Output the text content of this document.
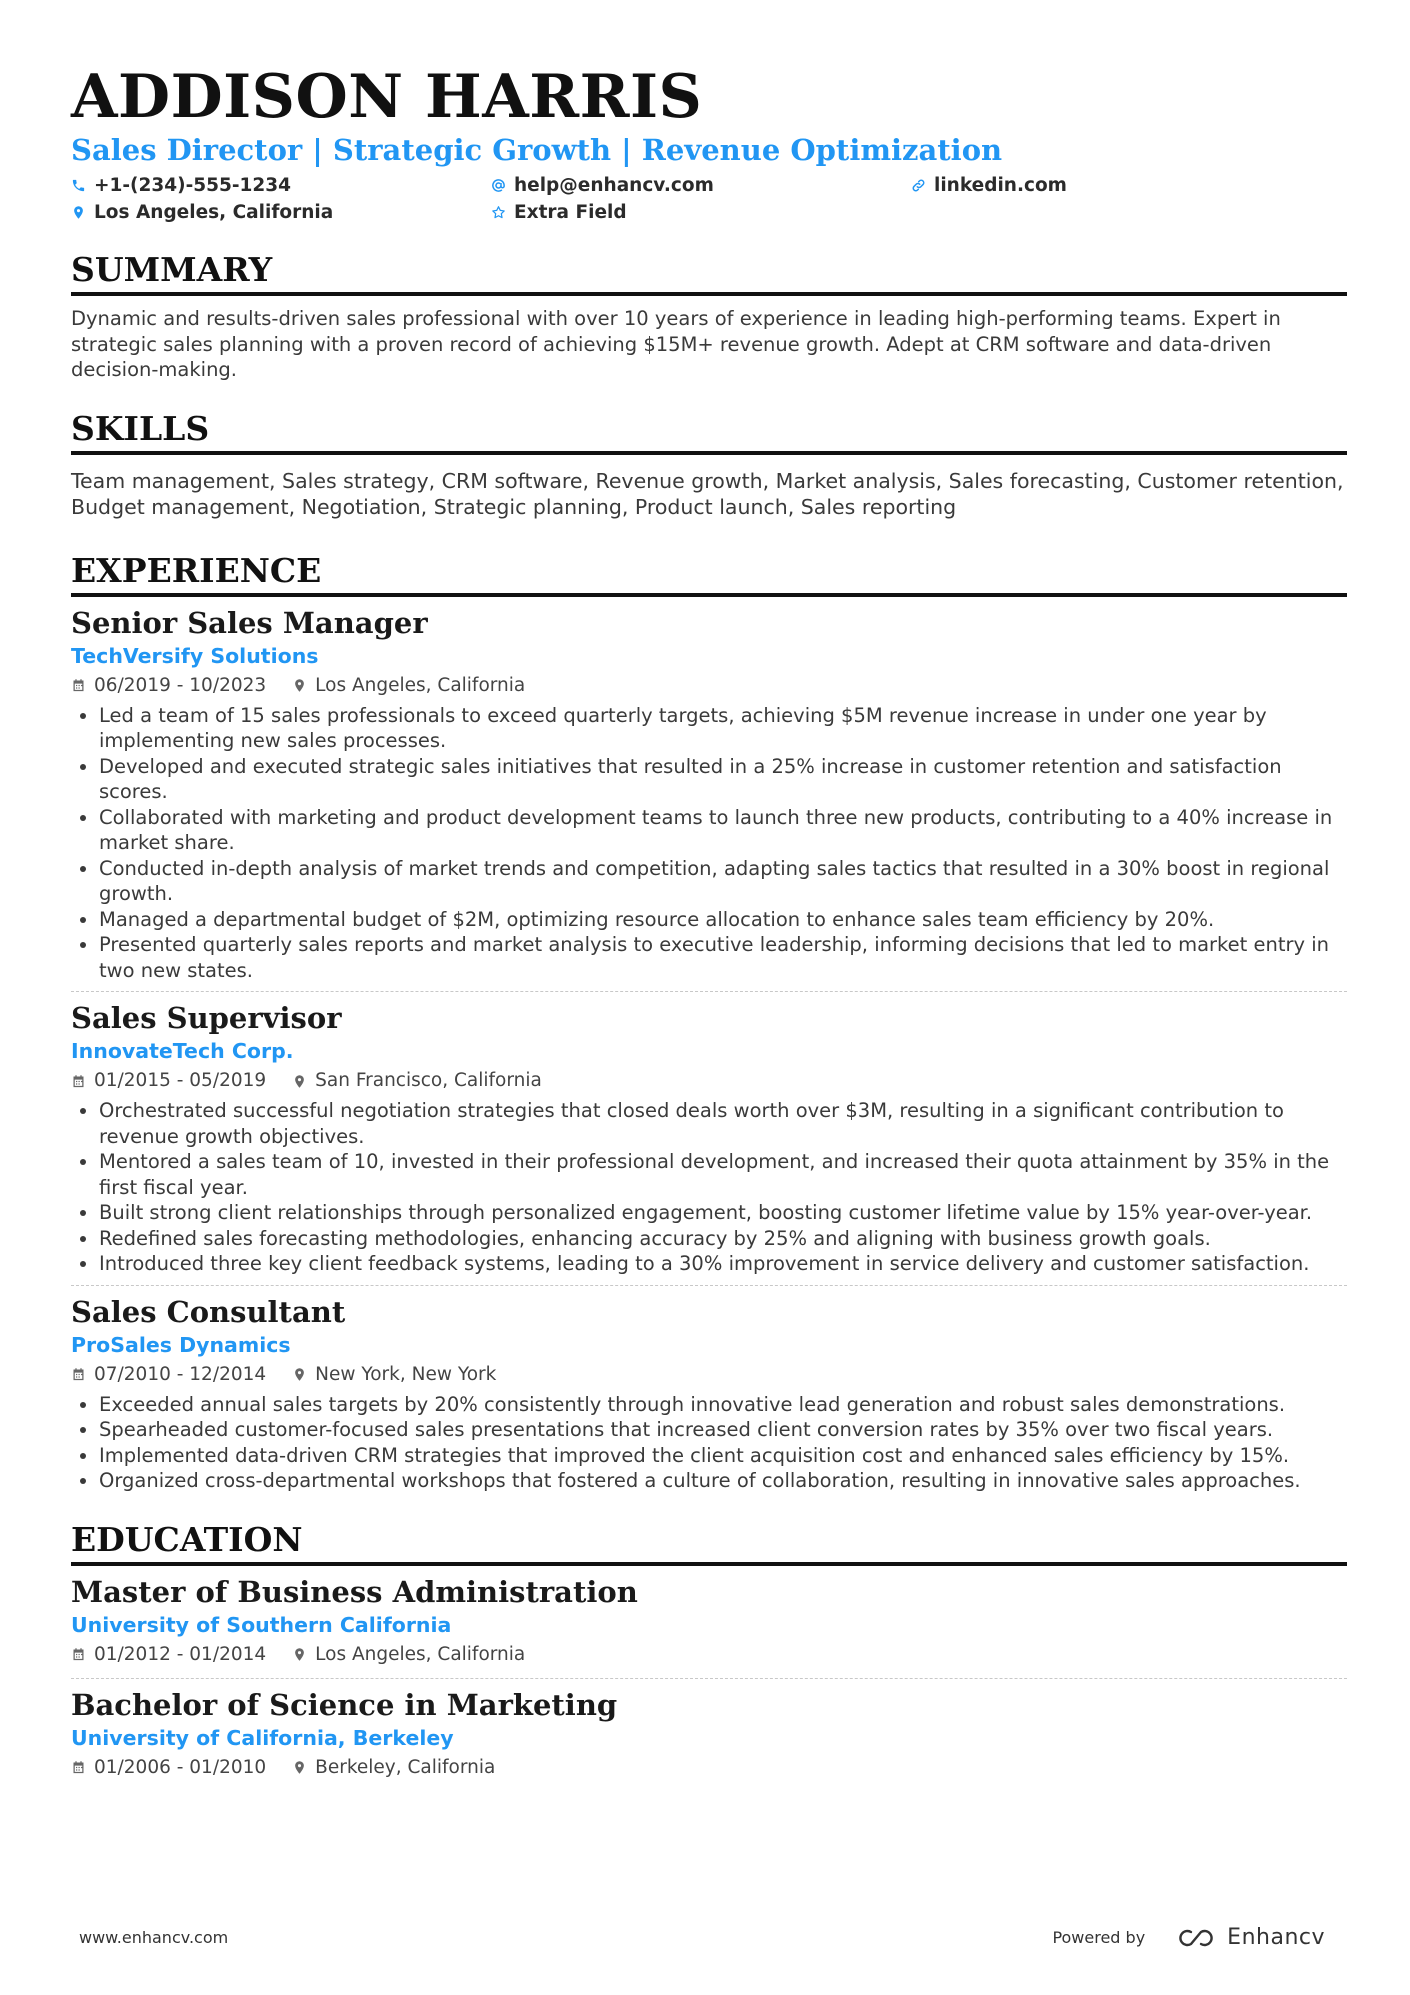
ADDISON HARRIS
Sales Director | Strategic Growth | Revenue Optimization
+1-(234)-555-1234	help@enhancv.com	linkedin.com
Los Angeles, California	Extra Field
SUMMARY

Dynamic and results-driven sales professional with over 10 years of experience in leading high-performing teams. Expert in strategic sales planning with a proven record of achieving $15M+ revenue growth. Adept at CRM software and data-driven decision-making.

SKILLS

Team management, Sales strategy, CRM software, Revenue growth, Market analysis, Sales forecasting, Customer retention, Budget management, Negotiation, Strategic planning, Product launch, Sales reporting

EXPERIENCE
Senior Sales Manager
TechVersify Solutions
06/2019 - 10/2023	Los Angeles, California
• Led a team of 15 sales professionals to exceed quarterly targets, achieving $5M revenue increase in under one year by implementing new sales processes.
• Developed and executed strategic sales initiatives that resulted in a 25% increase in customer retention and satisfaction scores.
• Collaborated with marketing and product development teams to launch three new products, contributing to a 40% increase in market share.
• Conducted in-depth analysis of market trends and competition, adapting sales tactics that resulted in a 30% boost in regional growth.
• Managed a departmental budget of $2M, optimizing resource allocation to enhance sales team efficiency by 20%.
• Presented quarterly sales reports and market analysis to executive leadership, informing decisions that led to market entry in two new states.
Sales Supervisor
InnovateTech Corp.
01/2015 - 05/2019	San Francisco, California
• Orchestrated successful negotiation strategies that closed deals worth over $3M, resulting in a significant contribution to revenue growth objectives.
• Mentored a sales team of 10, invested in their professional development, and increased their quota attainment by 35% in the first fiscal year.
• Built strong client relationships through personalized engagement, boosting customer lifetime value by 15% year-over-year.
• Redefined sales forecasting methodologies, enhancing accuracy by 25% and aligning with business growth goals.
• Introduced three key client feedback systems, leading to a 30% improvement in service delivery and customer satisfaction.
Sales Consultant
ProSales Dynamics
07/2010 - 12/2014	New York, New York
• Exceeded annual sales targets by 20% consistently through innovative lead generation and robust sales demonstrations.
• Spearheaded customer-focused sales presentations that increased client conversion rates by 35% over two fiscal years.
• Implemented data-driven CRM strategies that improved the client acquisition cost and enhanced sales efficiency by 15%.
• Organized cross-departmental workshops that fostered a culture of collaboration, resulting in innovative sales approaches.
EDUCATION
Master of Business Administration
University of Southern California
01/2012 - 01/2014	Los Angeles, California
Bachelor of Science in Marketing
University of California, Berkeley
01/2006 - 01/2010	Berkeley, California
www.enhancv.com	Powered by	Enhancv
